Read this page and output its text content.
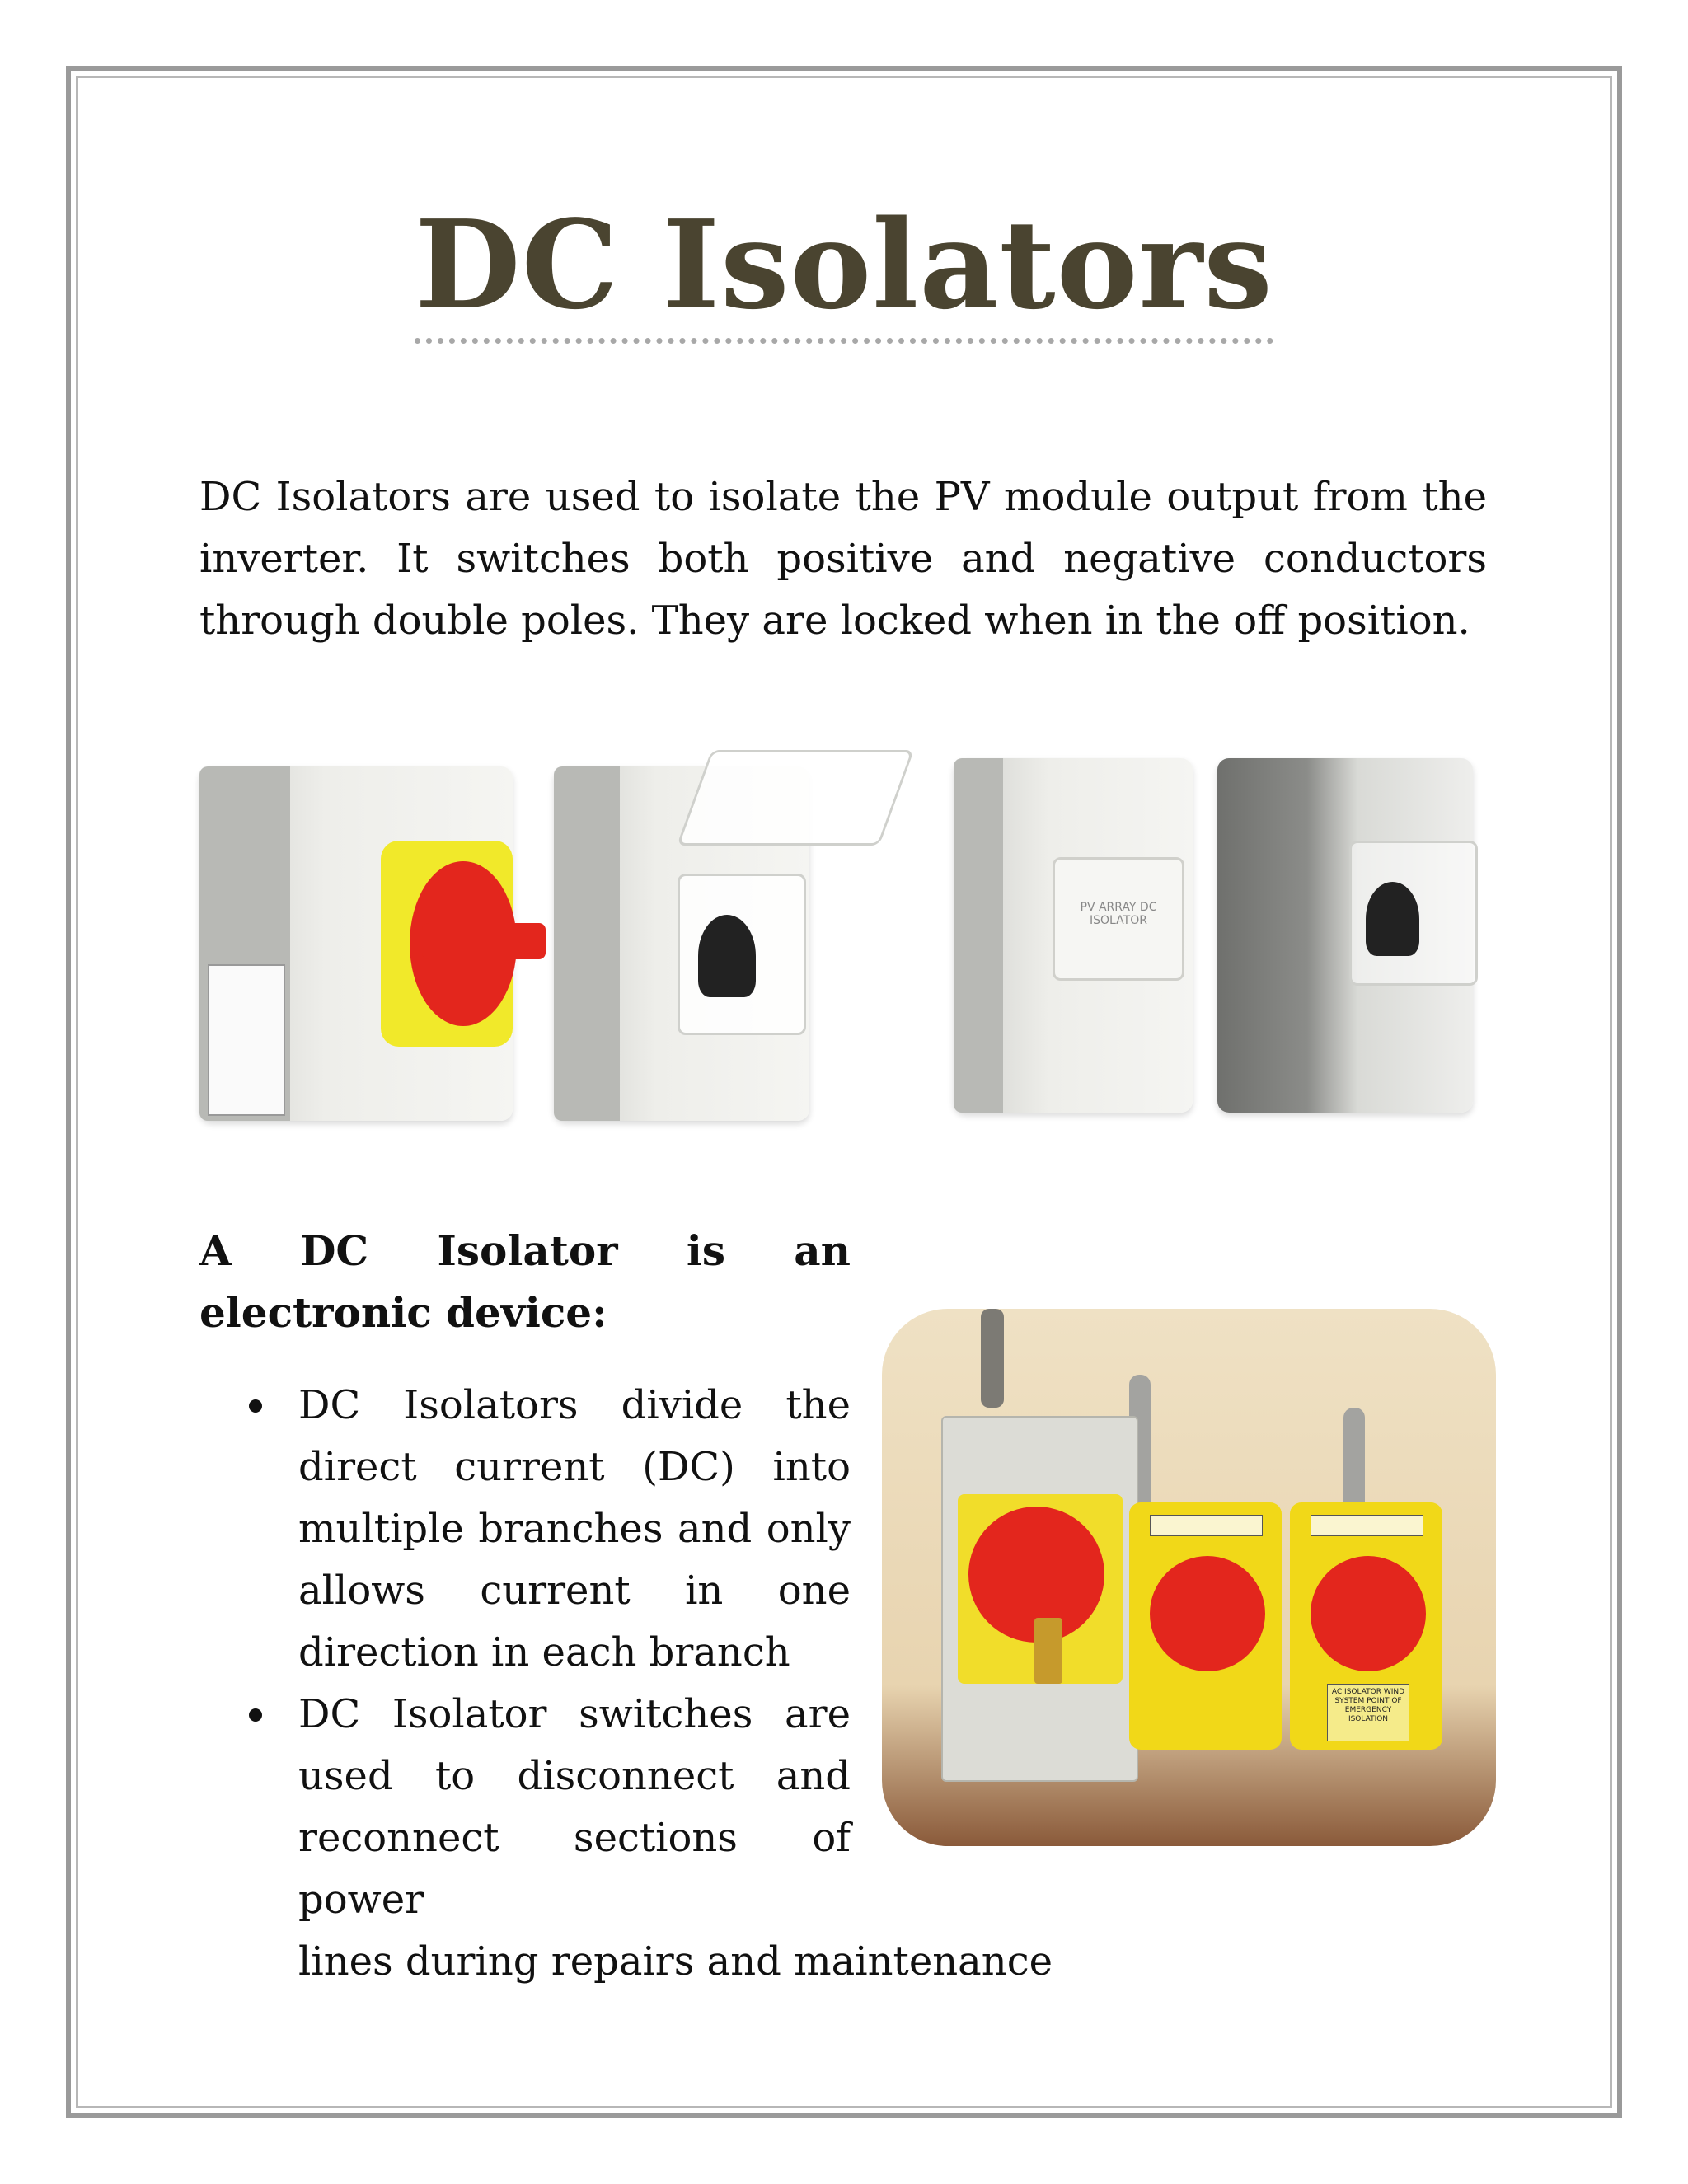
DC Isolators

DC Isolators are used to isolate the PV module output from the inverter. It switches both positive and negative conductors through double poles. They are locked when in the off position.

PV ARRAY DC ISOLATOR
A DC Isolator is an electronic device:
DC Isolators divide the direct current (DC) into multiple branches and only allows current in one direction in each branch
DC Isolator switches are used to disconnect and reconnect sections of power
lines during repairs and maintenance
AC ISOLATOR WIND SYSTEM POINT OF EMERGENCY ISOLATION
